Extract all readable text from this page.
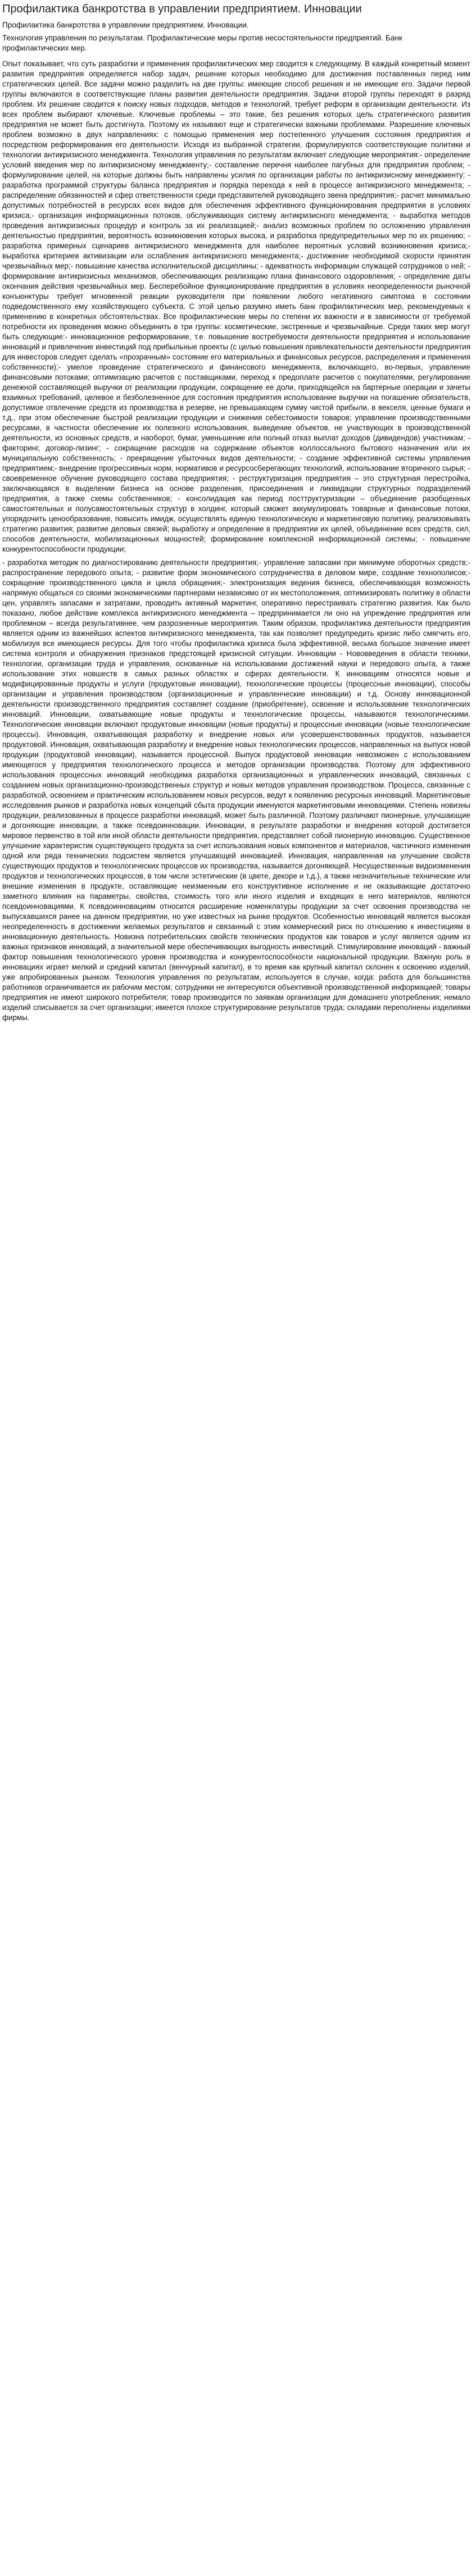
Профилактика банкротства в управлении предприятием. Инновации

Профилактика банкротства в управлении предприятием. Инновации.

Технология управления по результатам. Профилактические меры против несостоятельности предприятий. Банк профилактических мер.

Опыт показывает, что суть разработки и применения профилактических мер сводится к следующему. В каждый конкретный момент развития предприятия определяется набор задач, решение которых необходимо для достижения поставленных перед ним стратегических целей. Все задачи можно разделить на две группы: имеющие способ решения и не имеющие его. Задачи первой группы включаются в соответствующие планы развития деятельности предприятия. Задачи второй группы переходят в разряд проблем. Их решение сводится к поиску новых подходов, методов и технологий, требует реформ в организации деятельности. Из всех проблем выбирают ключевые. Ключевые проблемы – это такие, без решения которых цель стратегического развития предприятия не может быть достигнута. Поэтому их называют еще и стратегически важными проблемами. Разрешение ключевых проблем возможно в двух направлениях: с помощью применения мер постепенного улучшения состояния предприятия и посредством реформирования его деятельности. Исходя из выбранной стратегии, формулируются соответствующие политики и технологии антикризисного менеджмента. Технология управления по результатам включает следующие мероприятия:- определение условий введения мер по антикризисному менеджменту;- составление перечня наиболее пагубных для предприятия проблем; - формулирование целей, на которые должны быть направлены усилия по организации работы по антикризисному менеджменту; - разработка программой структуры баланса предприятия и порядка перехода к ней в процессе антикризисного менеджмента; - распределение обязанностей и сфер ответственности среди представителей руководящего звена предприятия;- расчет минимально допустимых потребностей в ресурсах всех видов для обеспечения эффективного функционирования предприятия в условиях кризиса;- организация информационных потоков, обслуживающих систему антикризисного менеджмента; - выработка методов проведения антикризисных процедур и контроль за их реализацией;- анализ возможных проблем по осложнению управления деятельностью предприятия, вероятность возникновения которых высока, и разработка предупредительных мер по их решению; - разработка примерных сценариев антикризисного менеджмента для наиболее вероятных условий возникновения кризиса;- выработка критериев активизации или ослабления антикризисного менеджмента;- достижение необходимой скорости принятия чрезвычайных мер;- повышение качества исполнительской дисциплины; - адекватность информации служащей сотрудников о ней; - формирование антикризисных механизмов, обеспечивающих реализацию плана финансового оздоровления; - определение даты окончания действия чрезвычайных мер. Бесперебойное функционирование предприятия в условиях неопределенности рыночной конъюнктуры требует мгновенной реакции руководителя при появлении любого негативного симптома в состоянии подведомственного ему хозяйствующего субъекта. С этой целью разумно иметь банк профилактических мер, рекомендуемых к применению в конкретных обстоятельствах. Все профилактические меры по степени их важности и в зависимости от требуемой потребности их проведения можно объединить в три группы: косметические, экстренные и чрезвычайные. Среди таких мер могут быть следующие:- инновационное реформирование, т.е. повышение востребуемости деятельности предприятия и использование инноваций и привлечение инвестиций под прибыльные проекты (с целью повышения привлекательности деятельности предприятия для инвесторов следует сделать «прозрачным» состояние его материальных и финансовых ресурсов, распределения и применения собственности);- умелое проведение стратегического и финансового менеджмента, включающего, во-первых, управление финансовыми потоками; оптимизацию расчетов с поставщиками, переход к предоплате расчетов с покупателями, регулирование денежной составляющей выручки от реализации продукции, сокращение ее доли, приходящейся на бартерные операции и зачеты взаимных требований, целевое и безболезненное для состояния предприятия использование выручки на погашение обязательств, допустимое отвлечение средств из производства в резерве, не превышающем сумму чистой прибыли, в векселя, ценные бумаги и т.д., при этом обеспечение быстрой реализации продукции и снижения себестоимости товаров; управление производственными ресурсами, в частности обеспечение их полезного использования, выведение объектов, не участвующих в производственной деятельности, из основных средств, и наоборот, бумаг, уменьшение или полный отказ выплат доходов (дивидендов) участникам; - факторинг, договор-лизинг; - сокращение расходов на содержание объектов коллоссального бытового назначения или их муниципальную собственность; - прекращение убыточных видов деятельности; - создание эффективной системы управления предприятием;- внедрение прогрессивных норм, нормативов и ресурсосберегающих технологий, использование вторичного сырья; - своевременное обучение руководящего состава предприятия; - реструктуризация предприятия – это структурная перестройка, заключающаяся в выделении бизнеса на основе разделения, присоединения и ликвидации структурных подразделений предприятия, а также схемы собственников; - консолидация как период посттруктуризации – объединение разобщенных самостоятельных и полусамостоятельных структур в холдинг, который сможет аккумулировать товарные и финансовые потоки, упорядочить ценообразование, повысить имидж, осуществлять единую технологическую и маркетинговую политику, реализовывать стратегию развития; развитие деловых связей; выработку и определение в предприятии их целей, объединение всех средств, сил, способов деятельности, мобилизационных мощностей; формирование комплексной информационной системы; - повышение конкурентоспособности продукции;

- разработка методик по диагностированию деятельности предприятия;- управление запасами при минимуме оборотных средств;- распространение передового опыта; - развитие форм экономического сотрудничества в деловом мире, создание технополисов;- сокращение производственного цикла и цикла обращения;- электронизация ведения бизнеса, обеспечивающая возможность напрямую общаться со своими экономическими партнерами независимо от их местоположения, оптимизировать политику в области цен, управлять запасами и затратами, проводить активный маркетинг, оперативно перестраивать стратегию развития. Как было показано, любое действие комплекса антикризисного менеджмента – предпринимается ли оно на упреждение предприятия или проблемном – всегда результативнее, чем разрозненные мероприятия. Таким образом, профилактика деятельности предприятия является одним из важнейших аспектов антикризисного менеджмента, так как позволяет предупредить кризис либо смягчить его, мобилизуя все имеющиеся ресурсы. Для того чтобы профилактика кризиса была эффективной, весьма большое значение имеет система контроля и обнаружения признаков предстоящей кризисной ситуации. Инновации - Нововведения в области техники, технологии, организации труда и управления, основанные на использовании достижений науки и передового опыта, а также использование этих новшеств в самых разных областях и сферах деятельности. К инновациям относятся новые и модифицированные продукты и услуги (продуктовые инновации), технологические процессы (процессные инновации), способы организации и управления производством (организационные и управленческие инновации) и т.д. Основу инновационной деятельности производственного предприятия составляет создание (приобретение), освоение и использование технологических инноваций. Инновации, охватывающие новые продукты и технологические процессы, называются технологическими. Технологические инновации включают продуктовые инновации (новые продукты) и процессные инновации (новые технологические процессы). Инновация, охватывающая разработку и внедрение новых или усовершенствованных продуктов, называется продуктовой. Инновация, охватывающая разработку и внедрение новых технологических процессов, направленных на выпуск новой продукции (продуктовой инновации), называется процессной. Выпуск продуктовой инновации невозможен с использованием имеющегося у предприятия технологического процесса и методов организации производства. Поэтому для эффективного использования процессных инноваций необходима разработка организационных и управленческих инноваций, связанных с созданием новых организационно-производственных структур и новых методов управления производством. Процесса, связанные с разработкой, освоением и практическим использованием новых ресурсов, ведут к появлению ресурсных инноваций. Маркетинговые исследования рынков и разработка новых концепций сбыта продукции именуются маркетинговыми инновациями. Степень новизны продукции, реализованных в процессе разработки инноваций, может быть различной. Поэтому различают пионерные, улучшающие и догоняющие инновации, а также псевдоинновации. Инновации, в результате разработки и внедрения которой достигается мировое первенство в той или иной области деятельности предприятия, представляет собой пионерную инновацию. Существенное улучшение характеристик существующего продукта за счет использования новых компонентов и материалов, частичного изменения одной или ряда технических подсистем является улучшающей инновацией. Инновация, направленная на улучшение свойств существующих продуктов и технологических процессов их производства, называется догоняющей. Несущественные видоизменения продуктов и технологических процессов, в том числе эстетические (в цвете, декоре и т.д.), а также незначительные технические или внешние изменения в продукте, оставляющие неизменным его конструктивное исполнение и не оказывающие достаточно заметного влияния на параметры, свойства, стоимость того или иного изделия и входящих в него материалов, являются псевдоинновациями. К псевдоинновациям относится расширение номенклатуры продукции за счет освоения производства не выпускавшихся ранее на данном предприятии, но уже известных на рынке продуктов. Особенностью инноваций является высокая неопределенность в достижении желаемых результатов и связанный с этим коммерческий риск по отношению к инвестициям в инновационную деятельность. Новизна потребительских свойств технических продуктов как товаров и услуг является одним из важных признаков инноваций, а значительной мере обеспечивающих выгодность инвестиций. Стимулирование инноваций - важный фактор повышения технологического уровня производства и конкурентоспособности национальной продукции. Важную роль в инновациях играет мелкий и средний капитал (венчурный капитал), в то время как крупный капитал склонен к освоению изделий, уже апробированных рынком. Технология управления по результатам, используется в случае, когда: работа для большинства работников ограничивается их рабочим местом; сотрудники не интересуются объективной производственной информацией; товары предприятия не имеют широкого потребителя; товар производится по заявкам организации для домашнего употребления; немало изделий списывается за счет организации; имеется плохое структурирование результатов труда; складами переполнены изделиями фирмы.
